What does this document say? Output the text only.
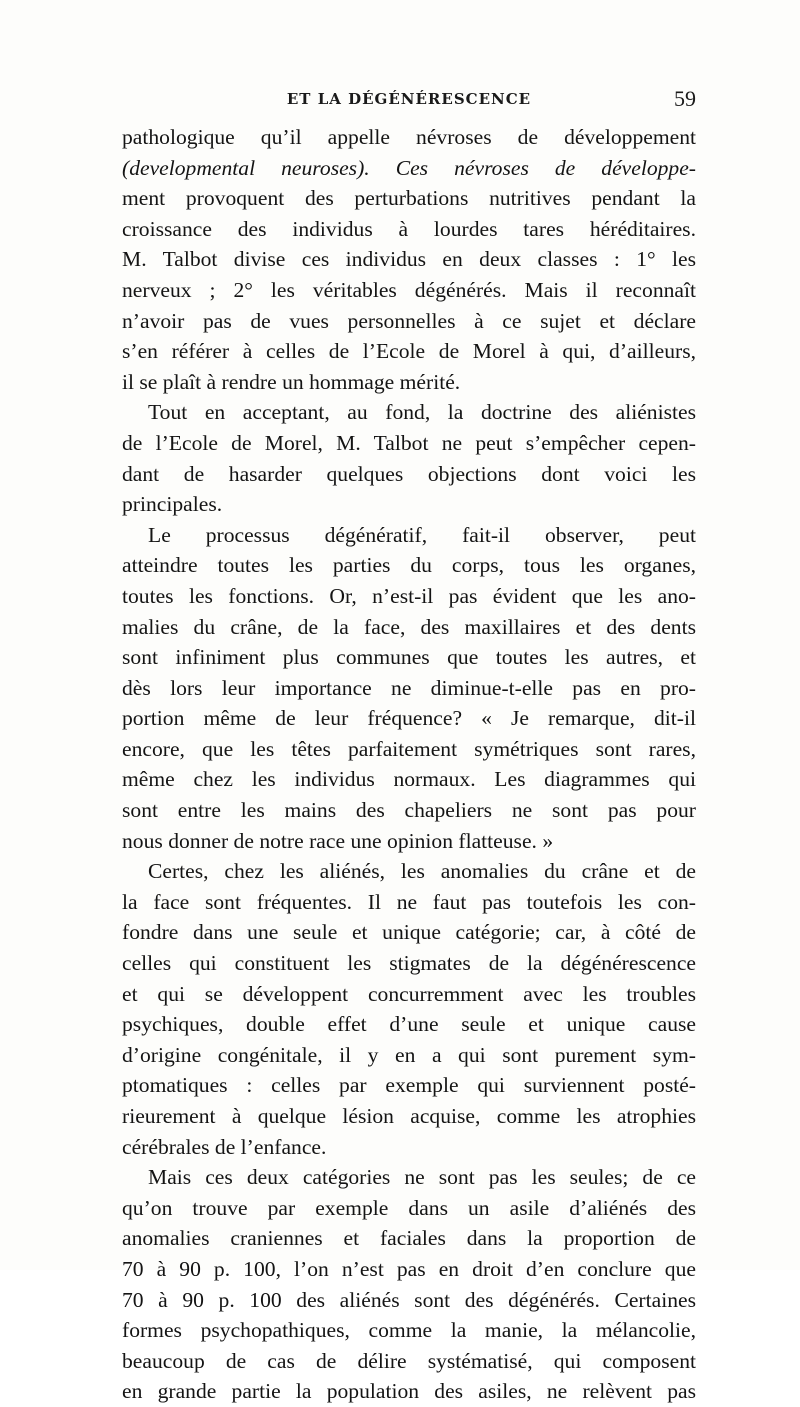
ET LA DÉGÉNÉRESCENCE	59

pathologique qu’il appelle névroses de développement

(developmental neuroses). Ces névroses de développe-

ment provoquent des perturbations nutritives pendant la

croissance des individus à lourdes tares héréditaires.

M. Talbot divise ces individus en deux classes : 1° les

nerveux ; 2° les véritables dégénérés. Mais il reconnaît

n’avoir pas de vues personnelles à ce sujet et déclare

s’en référer à celles de l’Ecole de Morel à qui, d’ailleurs,

il se plaît à rendre un hommage mérité.

Tout en acceptant, au fond, la doctrine des aliénistes

de l’Ecole de Morel, M. Talbot ne peut s’empêcher cepen-

dant de hasarder quelques objections dont voici les

principales.

Le processus dégénératif, fait-il observer, peut

atteindre toutes les parties du corps, tous les organes,

toutes les fonctions. Or, n’est-il pas évident que les ano-

malies du crâne, de la face, des maxillaires et des dents

sont infiniment plus communes que toutes les autres, et

dès lors leur importance ne diminue-t-elle pas en pro-

portion même de leur fréquence? « Je remarque, dit-il

encore, que les têtes parfaitement symétriques sont rares,

même chez les individus normaux. Les diagrammes qui

sont entre les mains des chapeliers ne sont pas pour

nous donner de notre race une opinion flatteuse. »

Certes, chez les aliénés, les anomalies du crâne et de

la face sont fréquentes. Il ne faut pas toutefois les con-

fondre dans une seule et unique catégorie; car, à côté de

celles qui constituent les stigmates de la dégénérescence

et qui se développent concurremment avec les troubles

psychiques, double effet d’une seule et unique cause

d’origine congénitale, il y en a qui sont purement sym-

ptomatiques : celles par exemple qui surviennent posté-

rieurement à quelque lésion acquise, comme les atrophies

cérébrales de l’enfance.

Mais ces deux catégories ne sont pas les seules; de ce

qu’on trouve par exemple dans un asile d’aliénés des

anomalies craniennes et faciales dans la proportion de

70 à 90 p. 100, l’on n’est pas en droit d’en conclure que

70 à 90 p. 100 des aliénés sont des dégénérés. Certaines

formes psychopathiques, comme la manie, la mélancolie,

beaucoup de cas de délire systématisé, qui composent

en grande partie la population des asiles, ne relèvent pas
